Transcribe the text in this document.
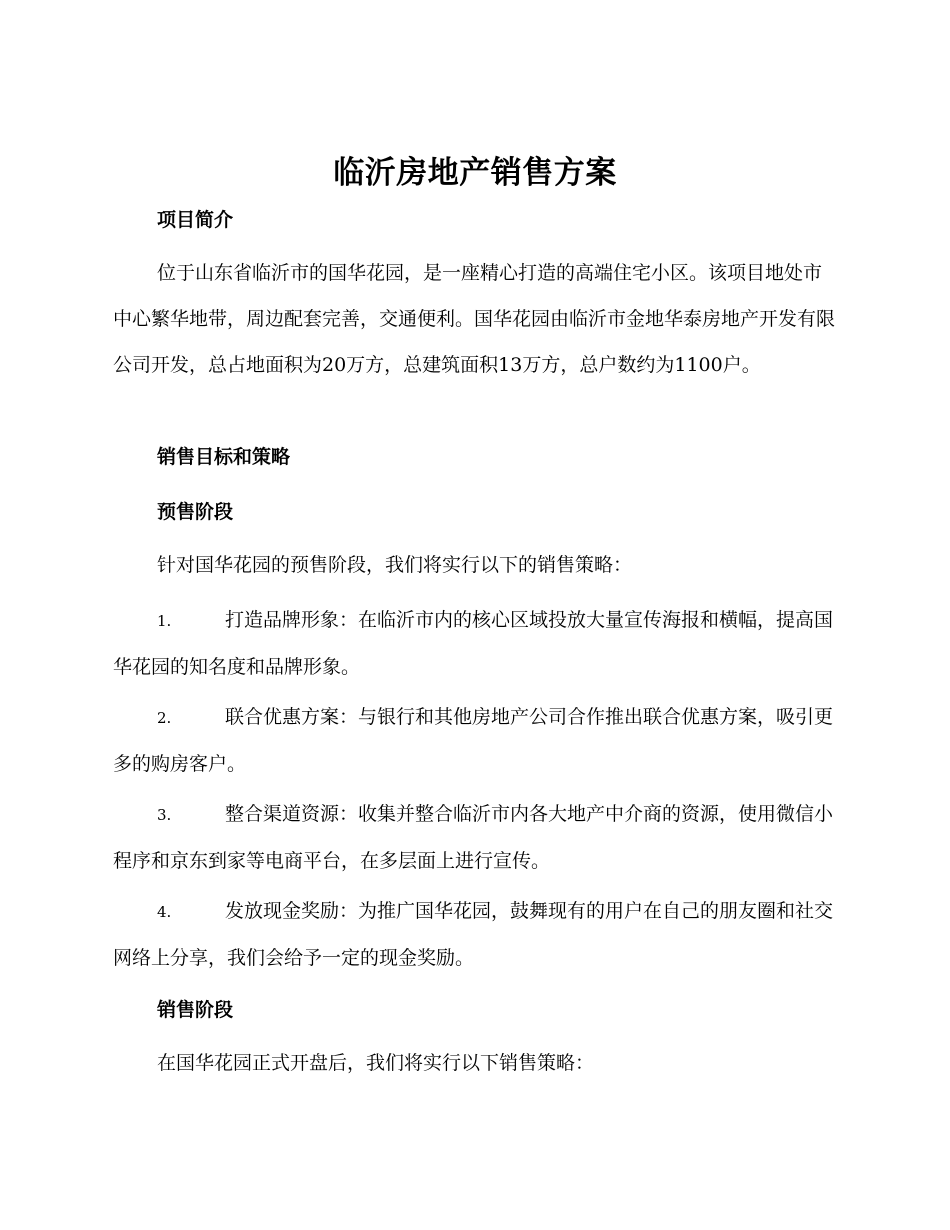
临沂房地产销售方案
项目简介

位于山东省临沂市的国华花园，是一座精心打造的高端住宅小区。该项目地处市中心繁华地带，周边配套完善，交通便利。国华花园由临沂市金地华泰房地产开发有限公司开发，总占地面积为20万方，总建筑面积13万方，总户数约为1100户。

销售目标和策略
预售阶段

针对国华花园的预售阶段，我们将实行以下的销售策略：

1.	打造品牌形象：在临沂市内的核心区域投放大量宣传海报和横幅，提高国华花园的知名度和品牌形象。

2.	联合优惠方案：与银行和其他房地产公司合作推出联合优惠方案，吸引更多的购房客户。

3.	整合渠道资源：收集并整合临沂市内各大地产中介商的资源，使用微信小程序和京东到家等电商平台，在多层面上进行宣传。

4.	发放现金奖励：为推广国华花园，鼓舞现有的用户在自己的朋友圈和社交网络上分享，我们会给予一定的现金奖励。

销售阶段

在国华花园正式开盘后，我们将实行以下销售策略：
